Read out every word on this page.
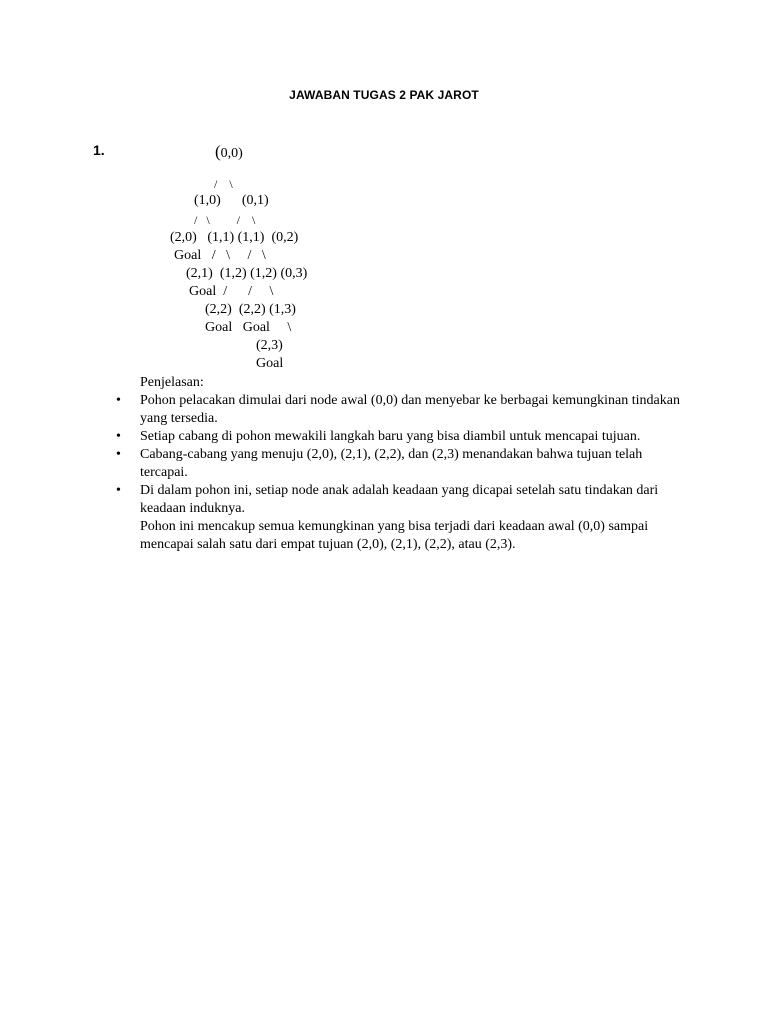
JAWABAN TUGAS 2 PAK JAROT
1.	(0,0)
/    \
(1,0)      (0,1)
/   \         /    \
(2,0)   (1,1) (1,1)  (0,2)
Goal   /   \     /   \
(2,1)  (1,2) (1,2) (0,3)
Goal  /      /     \
(2,2)  (2,2) (1,3)
Goal   Goal     \
(2,3)
Goal

Penjelasan:

• Pohon pelacakan dimulai dari node awal (0,0) dan menyebar ke berbagai kemungkinan tindakan yang tersedia.
• Setiap cabang di pohon mewakili langkah baru yang bisa diambil untuk mencapai tujuan.
• Cabang-cabang yang menuju (2,0), (2,1), (2,2), dan (2,3) menandakan bahwa tujuan telah tercapai.
• Di dalam pohon ini, setiap node anak adalah keadaan yang dicapai setelah satu tindakan dari keadaan induknya.

Pohon ini mencakup semua kemungkinan yang bisa terjadi dari keadaan awal (0,0) sampai mencapai salah satu dari empat tujuan (2,0), (2,1), (2,2), atau (2,3).
